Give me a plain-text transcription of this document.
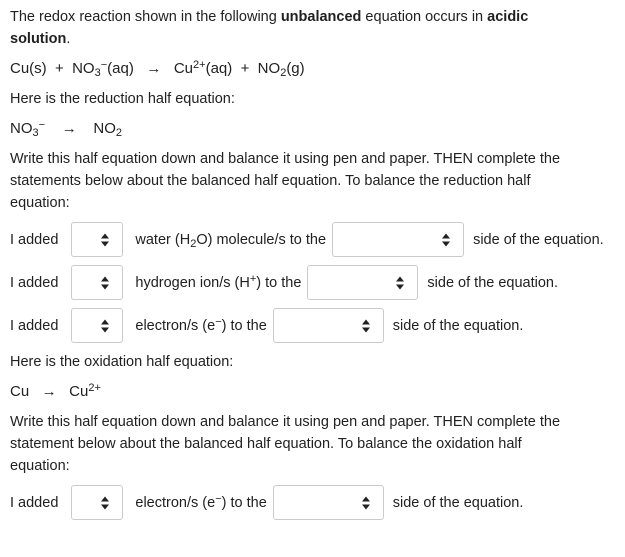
The redox reaction shown in the following unbalanced equation occurs in acidic
solution.

$Cu(s) + NO_3^-(aq) \to Cu^{2+}(aq) + NO_2(g)$

Here is the reduction half equation:

$NO_3^-$    →    $NO_2$

Write this half equation down and balance it using pen and paper. THEN complete the
statements below about the balanced half equation. To balance the reduction half
equation:

I added	water $(H_2O)$ molecule/s to the	side of the equation.
I added	hydrogen ion/s (H+) to the	side of the equation.
I added	electron/s (e−) to the	side of the equation.

Here is the oxidation half equation:

$Cu \to Cu^{2+}$

Write this half equation down and balance it using pen and paper. THEN complete the
statement below about the balanced half equation. To balance the oxidation half
equation:

I added	electron/s (e−) to the	side of the equation.
